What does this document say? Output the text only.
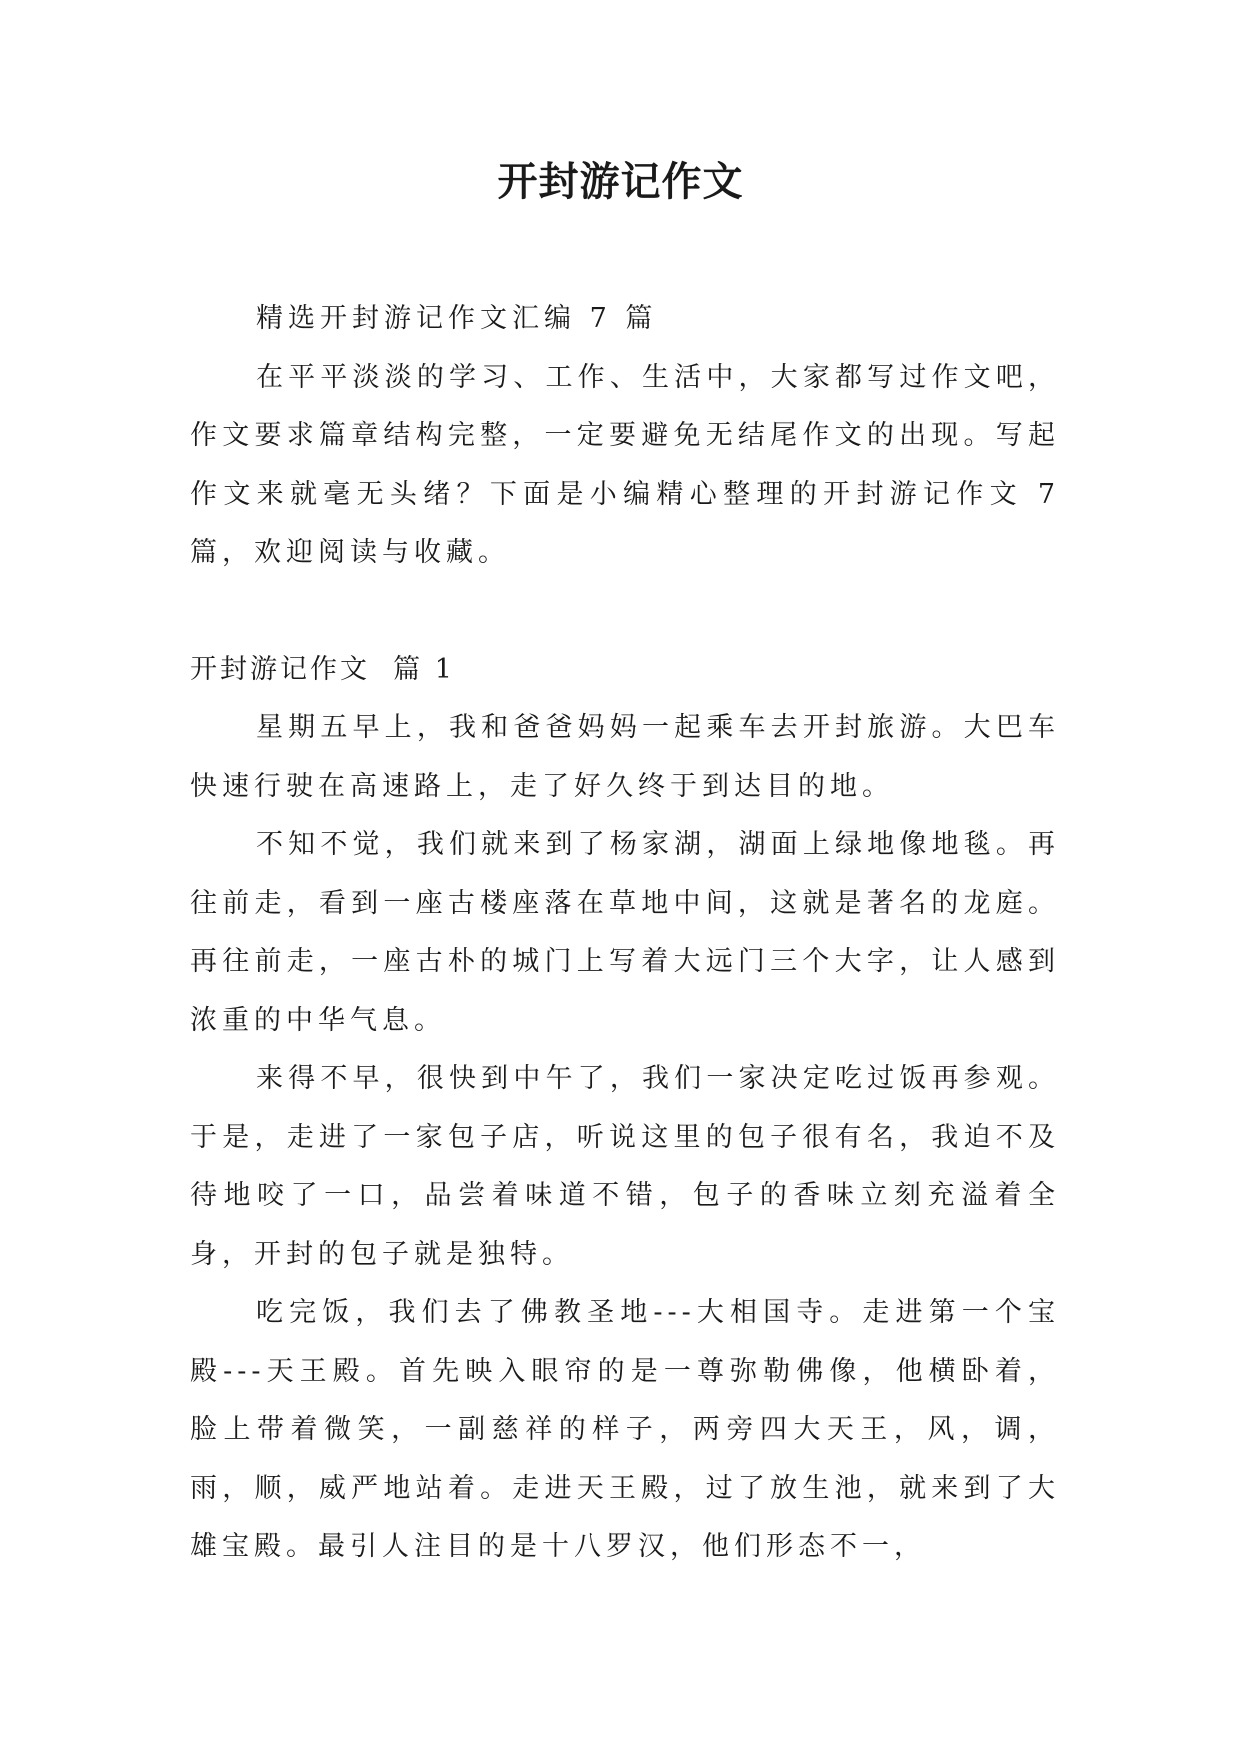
开封游记作文

精选开封游记作文汇编 7 篇

在平平淡淡的学习、工作、生活中，大家都写过作文吧，作文要求篇章结构完整，一定要避免无结尾作文的出现。写起作文来就毫无头绪？下面是小编精心整理的开封游记作文 7 篇，欢迎阅读与收藏。

开封游记作文  篇 1

星期五早上，我和爸爸妈妈一起乘车去开封旅游。大巴车快速行驶在高速路上，走了好久终于到达目的地。

不知不觉，我们就来到了杨家湖，湖面上绿地像地毯。再往前走，看到一座古楼座落在草地中间，这就是著名的龙庭。再往前走，一座古朴的城门上写着大远门三个大字，让人感到浓重的中华气息。

来得不早，很快到中午了，我们一家决定吃过饭再参观。于是，走进了一家包子店，听说这里的包子很有名，我迫不及待地咬了一口，品尝着味道不错，包子的香味立刻充溢着全身，开封的包子就是独特。

吃完饭，我们去了佛教圣地---大相国寺。走进第一个宝殿---天王殿。首先映入眼帘的是一尊弥勒佛像，他横卧着，脸上带着微笑，一副慈祥的样子，两旁四大天王，风，调，雨，顺，威严地站着。走进天王殿，过了放生池，就来到了大雄宝殿。最引人注目的是十八罗汉，他们形态不一，
